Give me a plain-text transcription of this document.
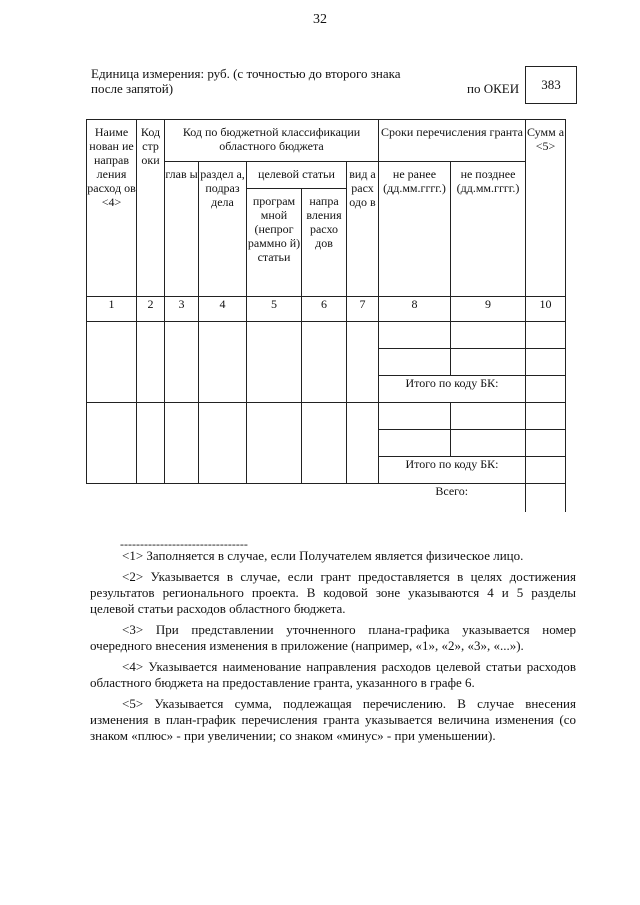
32
Единица измерения: руб. (с точностью до второго знака
после запятой)	по ОКЕИ	383
Наиме нован ие направ ления расход ов <4>	Код стр оки	Код по бюджетной классификации областного бюджета					Сроки перечисления гранта		Сумм а <5>
		глав ы	раздел а, подраз дела	целевой статьи		вид а расх одо в	не ранее (дд.мм.гггг.)	не позднее (дд.мм.гггг.)	
				програм мной (непрог раммно й) статьи	напра вления расхо дов				
1	2	3	4	5	6	7	8	9	10

							Итого по коду БК:		

							Итого по коду БК:		
							Всего:		
--------------------------------

<1> Заполняется в случае, если Получателем является физическое лицо.

<2> Указывается в случае, если грант предоставляется в целях достижения результатов регионального проекта. В кодовой зоне указываются 4 и 5 разделы целевой статьи расходов областного бюджета.

<3> При представлении уточненного плана-графика указывается номер очередного внесения изменения в приложение (например, «1», «2», «3», «...»).

<4> Указывается наименование направления расходов целевой статьи расходов областного бюджета на предоставление гранта, указанного в графе 6.

<5> Указывается сумма, подлежащая перечислению. В случае внесения изменения в план-график перечисления гранта указывается величина изменения (со знаком «плюс» - при увеличении; со знаком «минус» - при уменьшении).
